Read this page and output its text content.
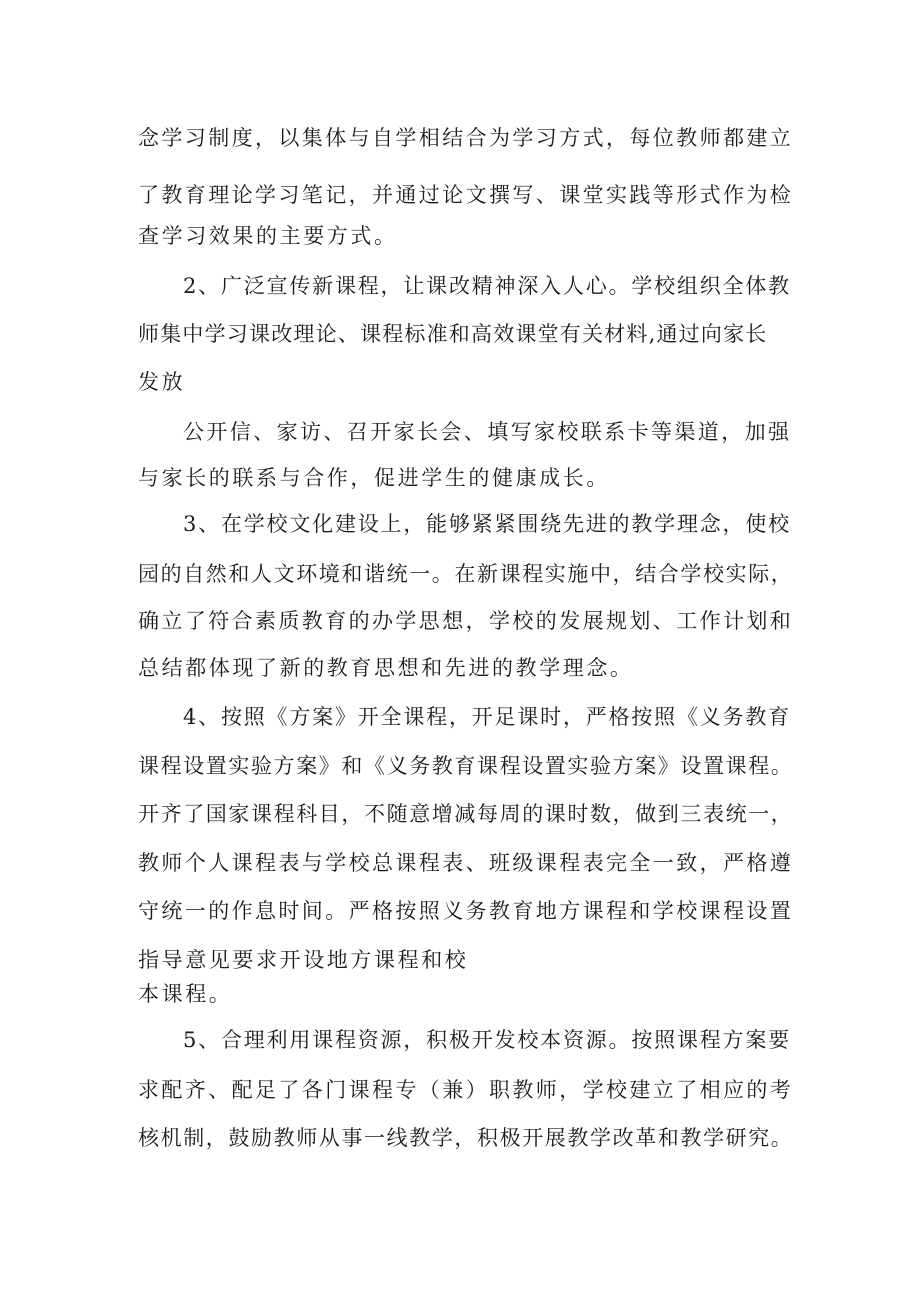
念学习制度，以集体与自学相结合为学习方式，每位教师都建立

了教育理论学习笔记，并通过论文撰写、课堂实践等形式作为检

查学习效果的主要方式。

2、广泛宣传新课程，让课改精神深入人心。学校组织全体教

师集中学习课改理论、课程标准和高效课堂有关材料,通过向家长

发放

公开信、家访、召开家长会、填写家校联系卡等渠道，加强

与家长的联系与合作，促进学生的健康成长。

3、在学校文化建设上，能够紧紧围绕先进的教学理念，使校

园的自然和人文环境和谐统一。在新课程实施中，结合学校实际，

确立了符合素质教育的办学思想，学校的发展规划、工作计划和

总结都体现了新的教育思想和先进的教学理念。

4、按照《方案》开全课程，开足课时，严格按照《义务教育

课程设置实验方案》和《义务教育课程设置实验方案》设置课程。

开齐了国家课程科目，不随意增减每周的课时数，做到三表统一，

教师个人课程表与学校总课程表、班级课程表完全一致，严格遵

守统一的作息时间。严格按照义务教育地方课程和学校课程设置

指导意见要求开设地方课程和校

本课程。

5、合理利用课程资源，积极开发校本资源。按照课程方案要

求配齐、配足了各门课程专（兼）职教师，学校建立了相应的考

核机制，鼓励教师从事一线教学，积极开展教学改革和教学研究。
